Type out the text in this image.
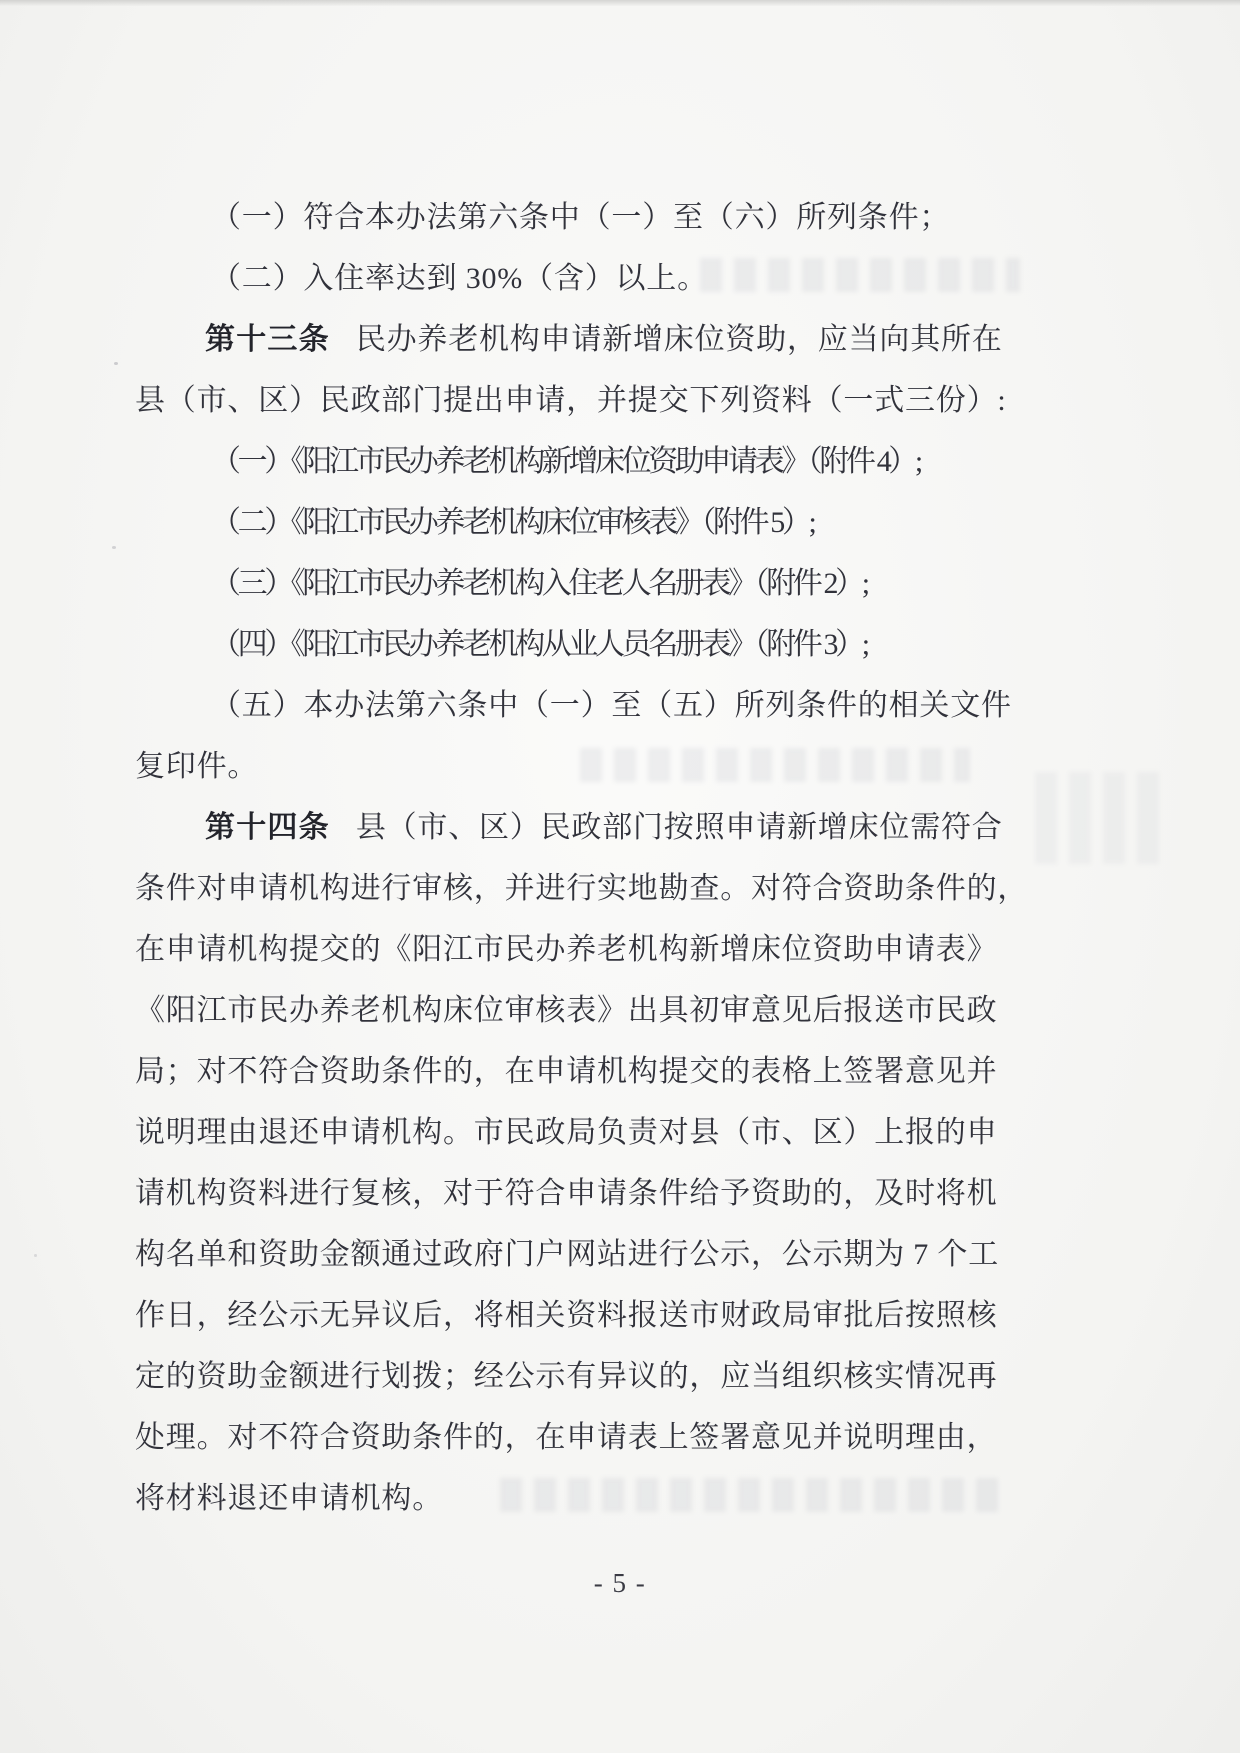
（一）符合本办法第六条中（一）至（六）所列条件；
（二）入住率达到 30%（含）以上。
第十三条 民办养老机构申请新增床位资助，应当向其所在
县（市、区）民政部门提出申请，并提交下列资料（一式三份）:
（一）《阳江市民办养老机构新增床位资助申请表》（附件 4）;
（二）《阳江市民办养老机构床位审核表》（附件 5）;
（三）《阳江市民办养老机构入住老人名册表》（附件 2）;
（四）《阳江市民办养老机构从业人员名册表》（附件 3）;
（五）本办法第六条中（一）至（五）所列条件的相关文件
复印件。
第十四条 县（市、区）民政部门按照申请新增床位需符合
条件对申请机构进行审核，并进行实地勘查。对符合资助条件的，
在申请机构提交的《阳江市民办养老机构新增床位资助申请表》
《阳江市民办养老机构床位审核表》出具初审意见后报送市民政
局；对不符合资助条件的，在申请机构提交的表格上签署意见并
说明理由退还申请机构。市民政局负责对县（市、区）上报的申
请机构资料进行复核，对于符合申请条件给予资助的，及时将机
构名单和资助金额通过政府门户网站进行公示，公示期为 7 个工
作日，经公示无异议后，将相关资料报送市财政局审批后按照核
定的资助金额进行划拨；经公示有异议的，应当组织核实情况再
处理。对不符合资助条件的，在申请表上签署意见并说明理由，
将材料退还申请机构。
- 5 -
